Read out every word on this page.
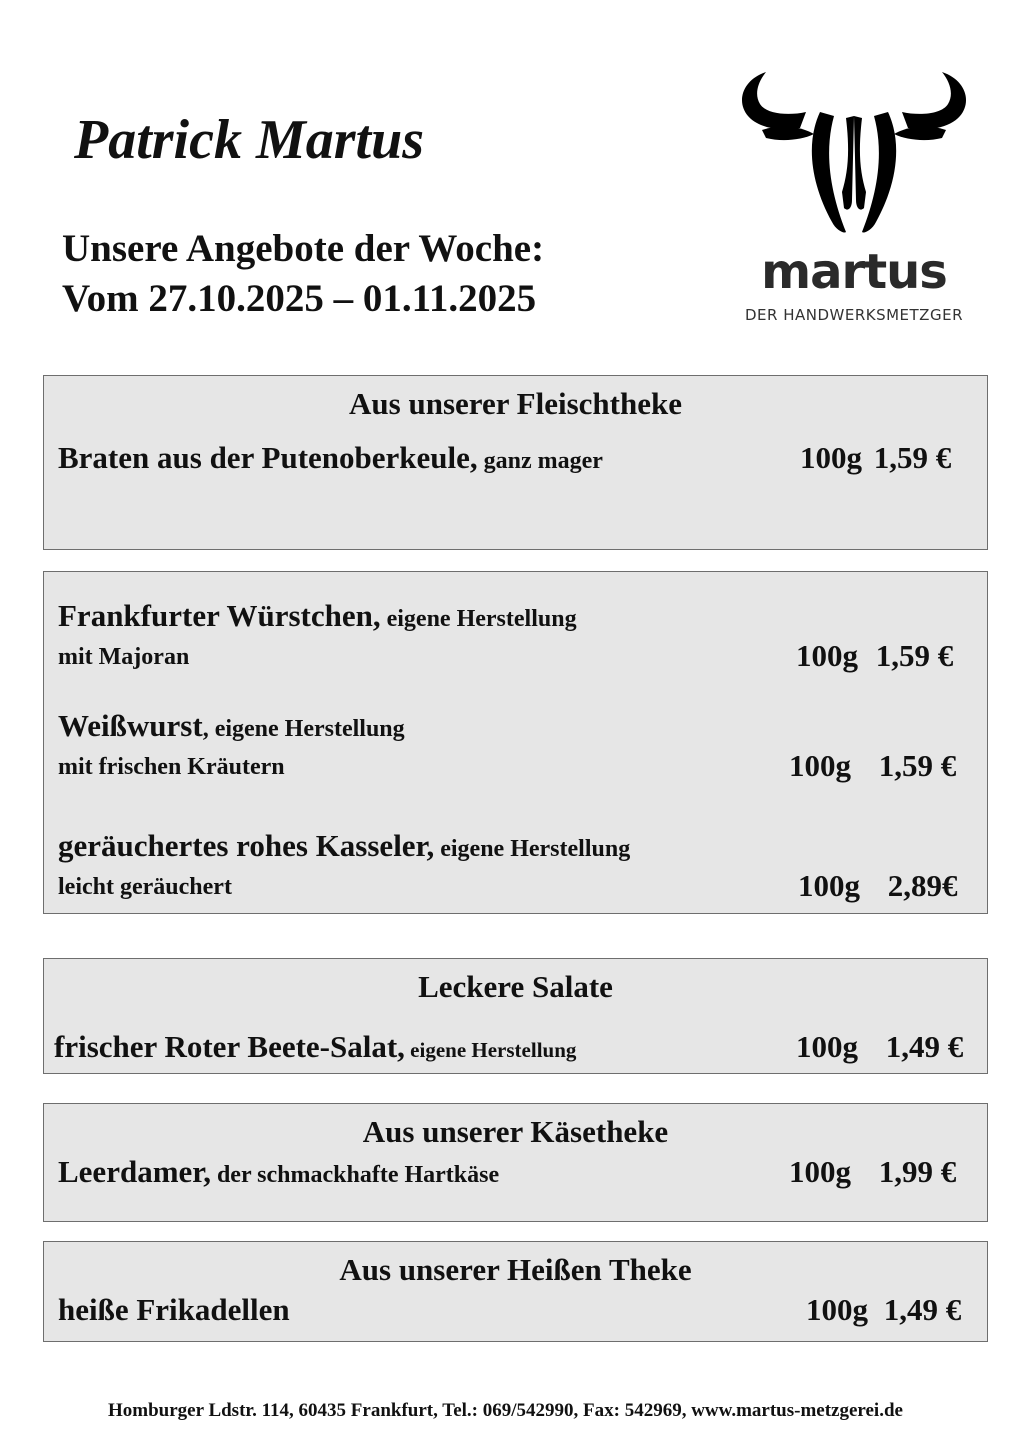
Patrick Martus
Unsere Angebote der Woche:
Vom 27.10.2025 – 01.11.2025	martus
DER HANDWERKSMETZGER
Aus unserer Fleischtheke
Braten aus der Putenoberkeule, ganz mager	100g 1,59 €
Frankfurter Würstchen, eigene Herstellung
mit Majoran	100g 1,59 €
Weißwurst, eigene Herstellung
mit frischen Kräutern	100g 1,59 €
geräuchertes rohes Kasseler, eigene Herstellung
leicht geräuchert	100g 2,89€
Leckere Salate
frischer Roter Beete-Salat, eigene Herstellung	100g 1,49 €
Aus unserer Käsetheke
Leerdamer, der schmackhafte Hartkäse	100g 1,99 €
Aus unserer Heißen Theke
heiße Frikadellen	100g 1,49 €
Homburger Ldstr. 114, 60435 Frankfurt, Tel.: 069/542990, Fax: 542969, www.martus-metzgerei.de
